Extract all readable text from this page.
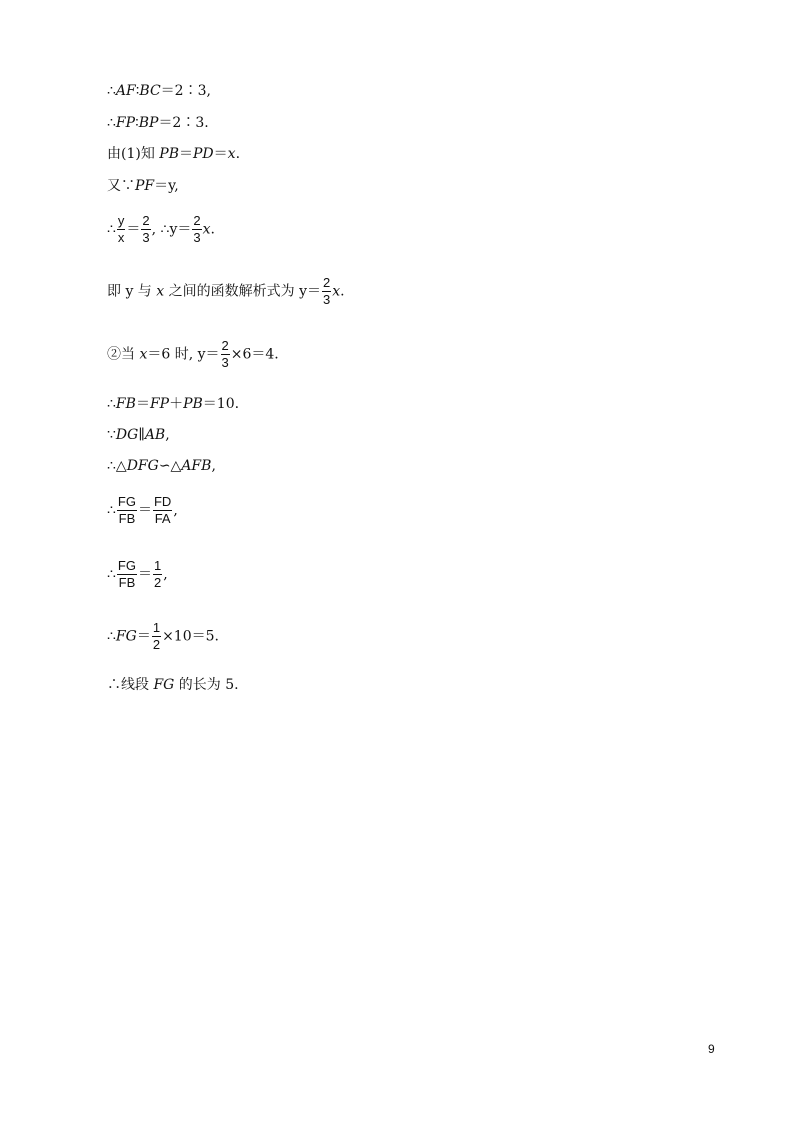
∴AF∶BC＝2∶3,
∴FP∶BP＝2∶3.
由(1)知 PB＝PD＝x.
又∵PF＝y,
∴ $\frac{y}{x} = \frac{2}{3}$ , ∴y＝ $\frac{2}{3} x$.
即 y 与 x 之间的函数解析式为 $y= \frac{2}{3} x$.
②当 x＝6 时, $y= \frac{2}{3} \times 6=4$.
∴FB＝FP＋PB＝10.
∵DG∥AB,
∴△DFG∽△AFB,
∴ $\frac{FG}{FB} = \frac{FD}{FA}$ ,
∴ $\frac{FG}{FB} = \frac{1}{2}$ ,
∴FG＝ $\frac{1}{2} \times 10=5$.
∴线段 FG 的长为 5.
9
